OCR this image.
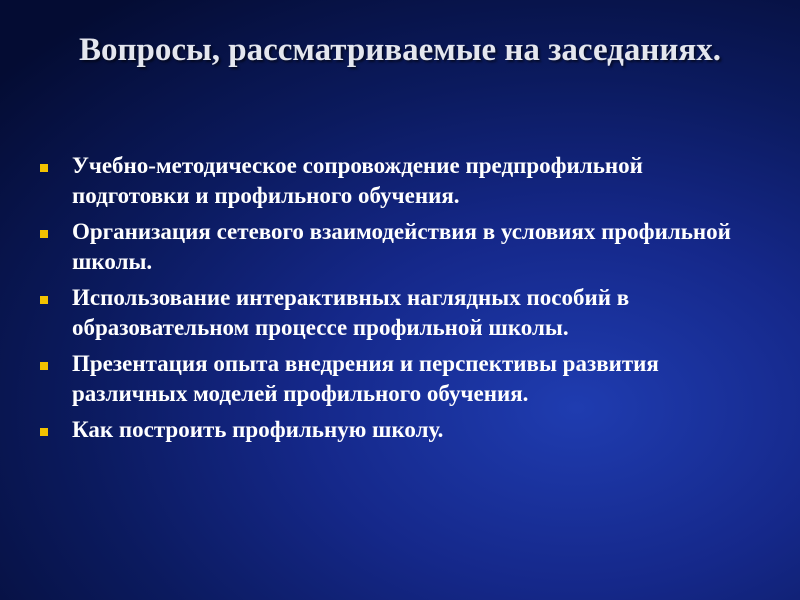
Вопросы, рассматриваемые на заседаниях.
Учебно-методическое сопровождение предпрофильной подготовки и профильного обучения.
Организация сетевого взаимодействия в условиях профильной школы.
Использование интерактивных наглядных пособий в образовательном процессе профильной школы.
Презентация опыта внедрения и перспективы развития различных моделей профильного обучения.
Как построить профильную школу.
